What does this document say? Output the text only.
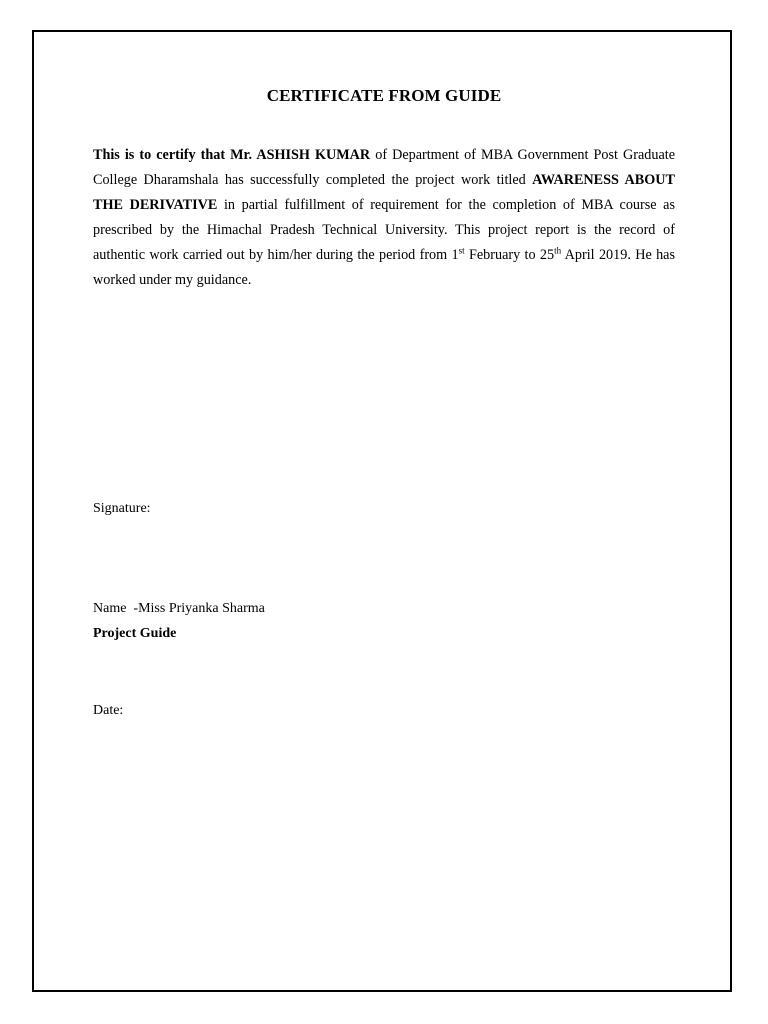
CERTIFICATE FROM GUIDE
This is to certify that Mr. ASHISH KUMAR of Department of MBA Government Post Graduate College Dharamshala has successfully completed the project work titled AWARENESS ABOUT THE DERIVATIVE in partial fulfillment of requirement for the completion of MBA course as prescribed by the Himachal Pradesh Technical University. This project report is the record of authentic work carried out by him/her during the period from 1st February to 25th April 2019. He has worked under my guidance.
Signature:
Name  -Miss Priyanka Sharma
Project Guide
Date:
